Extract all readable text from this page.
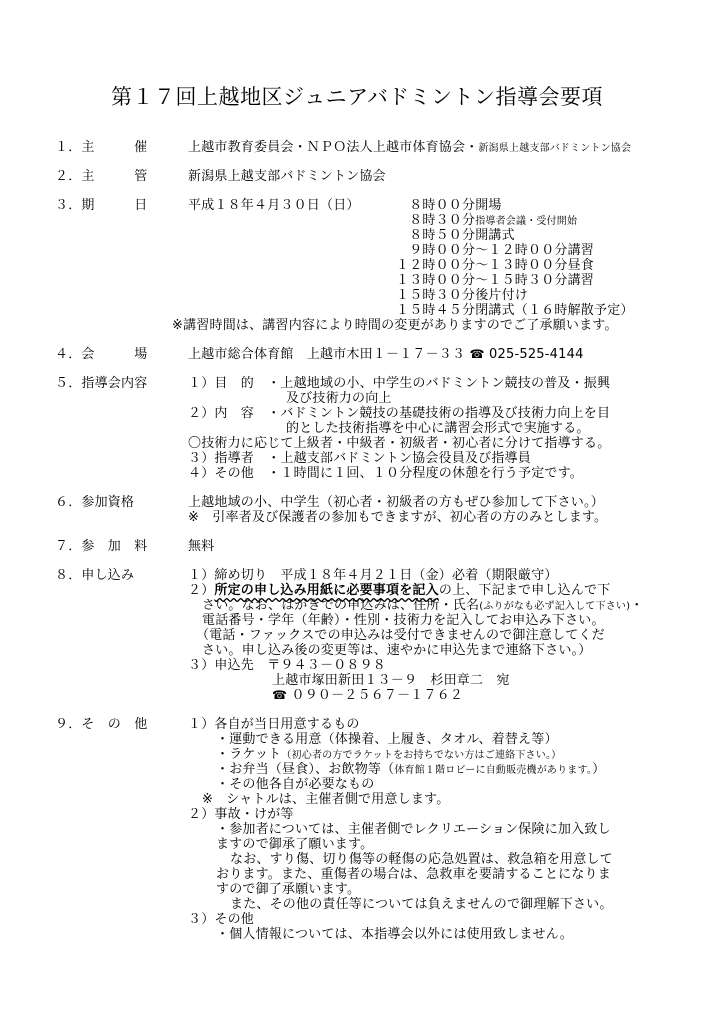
第１７回上越地区ジュニアバドミントン指導会要項
１．主　　　催	上越市教育委員会・ＮＰＯ法人上越市体育協会・新潟県上越支部バドミントン協会
２．主　　　管	新潟県上越支部バドミントン協会
３．期　　　日	平成１８年４月３０日（日）	　８時００分開場
　８時３０分指導者会議・受付開始
　８時５０分開講式
　９時００分～１２時００分講習
１２時００分～１３時００分昼食
１３時００分～１５時３０分講習
１５時３０分後片付け
１５時４５分閉講式（１６時解散予定）
※講習時間は、講習内容により時間の変更がありますのでご了承願います。
４．会　　　場	上越市総合体育館　上越市木田１－１７－３３ ☎ 025-525-4144
５．指導会内容	１）目　的　・上越地域の小、中学生のバドミントン競技の普及・振興
及び技術力の向上
２）内　容　・バドミントン競技の基礎技術の指導及び技術力向上を目
的とした技術指導を中心に講習会形式で実施する。
〇技術力に応じて上級者・中級者・初級者・初心者に分けて指導する。
３）指導者　・上越支部バドミントン協会役員及び指導員
４）その他　・１時間に１回、１０分程度の休憩を行う予定です。
６．参加資格	上越地域の小、中学生（初心者・初級者の方もぜひ参加して下さい。）
※　引率者及び保護者の参加もできますが、初心者の方のみとします。
７．参　加　料	無料
８．申し込み	１）締め切り　平成１８年４月２１日（金）必着（期限厳守）
２）所定の申し込み用紙に必要事項を記入の上、下記まで申し込んで下
さい。なお、はがきでの申込みは、住所・氏名(ふりがなも必ず記入して下さい)・
電話番号・学年（年齢）・性別・技術力を記入してお申込み下さい。
（電話・ファックスでの申込みは受付できませんので御注意してくだ
さい。申し込み後の変更等は、速やかに申込先まで連絡下さい。）
３）申込先　〒９４３－０８９８
上越市塚田新田１３－９　杉田章二　宛
☎ ０９０－２５６７－１７６２
９．そ　の　他	１）各自が当日用意するもの
・運動できる用意（体操着、上履き、タオル、着替え等）
・ラケット（初心者の方でラケットをお持ちでない方はご連絡下さい。）
・お弁当（昼食）、お飲物等（体育館１階ロビーに自動販売機があります。）
・その他各自が必要なもの
※　シャトルは、主催者側で用意します。
２）事故・けが等
・参加者については、主催者側でレクリエーション保険に加入致し
ますので御承了願います。
なお、すり傷、切り傷等の軽傷の応急処置は、救急箱を用意して
おります。また、重傷者の場合は、急救車を要請することになりま
すので御了承願います。
また、その他の責任等については負えませんので御理解下さい。
３）その他
・個人情報については、本指導会以外には使用致しません。
